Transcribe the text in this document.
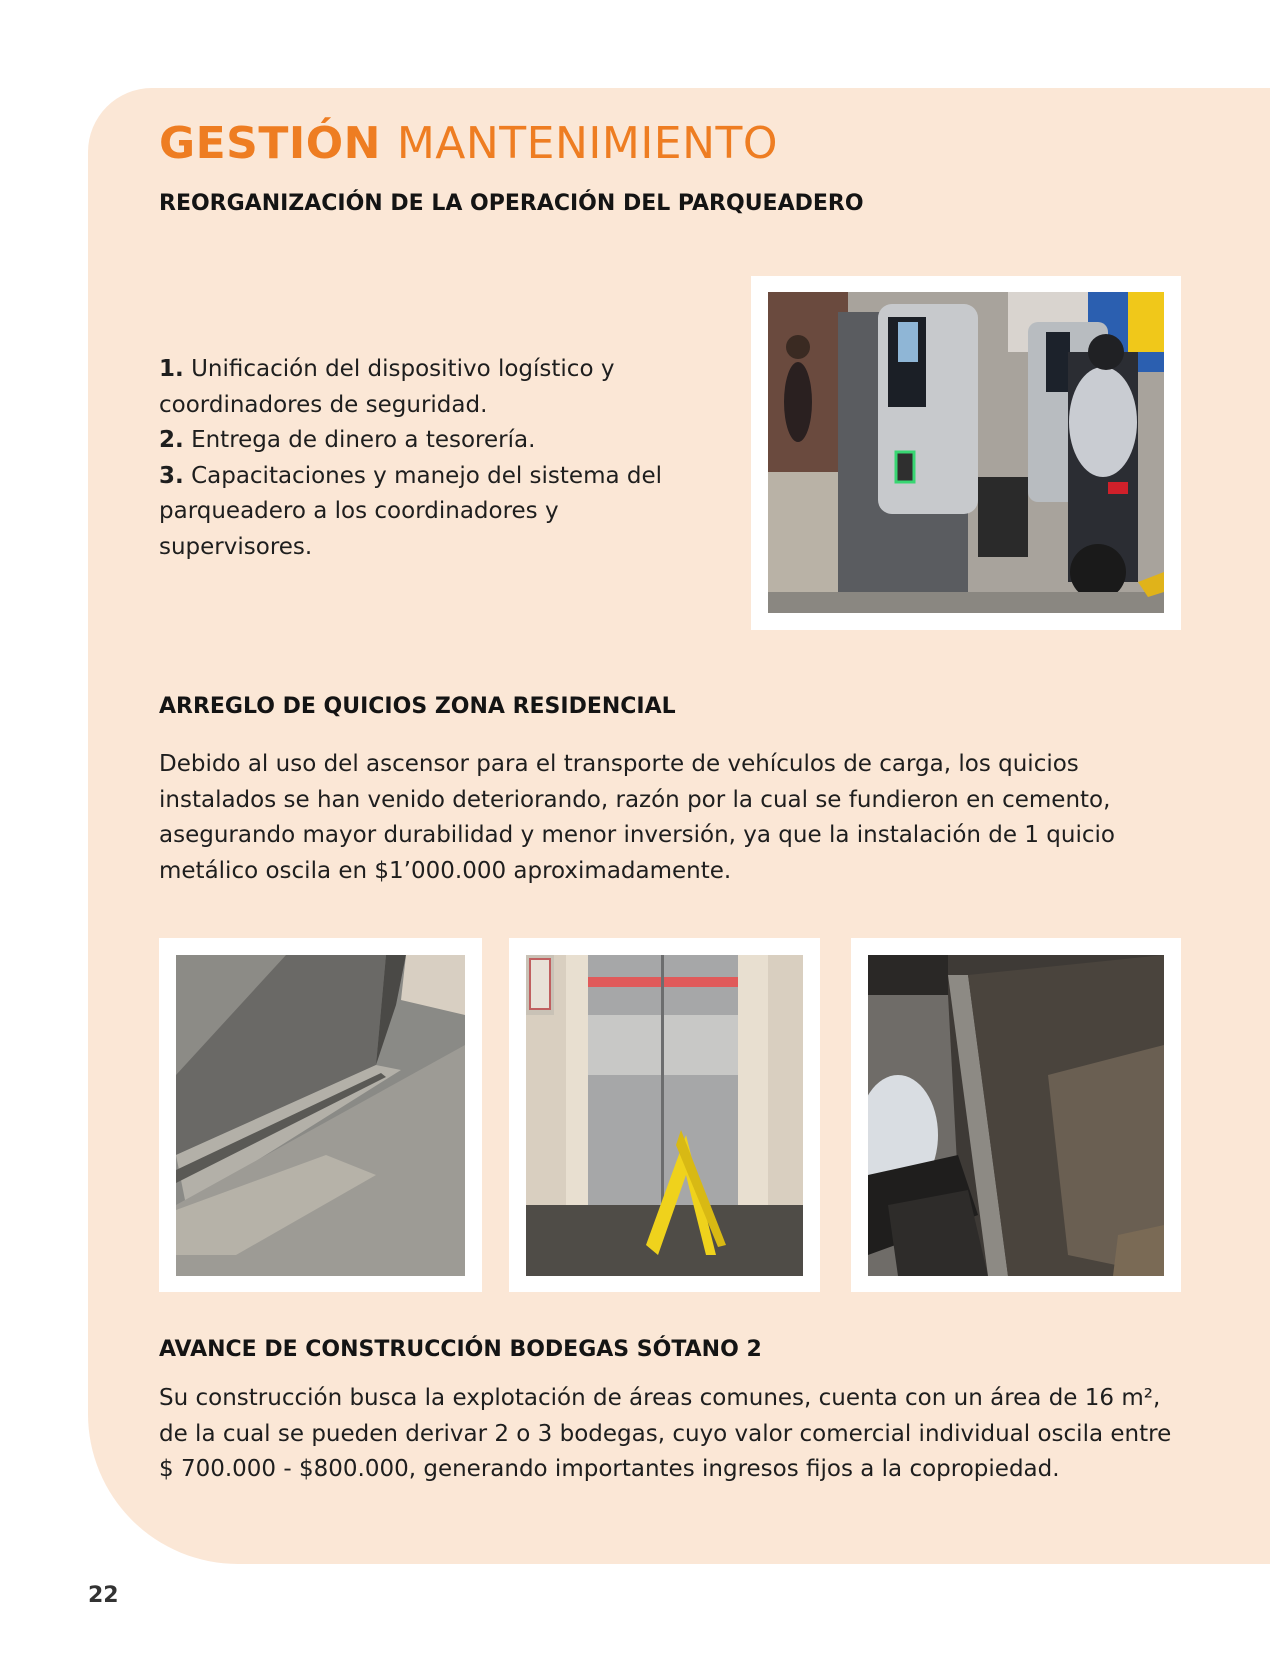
GESTIÓN MANTENIMIENTO
REORGANIZACIÓN DE LA OPERACIÓN DEL PARQUEADERO
1. Unificación del dispositivo logístico y coordinadores de seguridad.
2. Entrega de dinero a tesorería.
3. Capacitaciones y manejo del sistema del parqueadero a los coordinadores y supervisores.
ARREGLO DE QUICIOS ZONA RESIDENCIAL

Debido al uso del ascensor para el transporte de vehículos de carga, los quicios instalados se han venido deteriorando, razón por la cual se fundieron en cemento, asegurando mayor durabilidad y menor inversión, ya que la instalación de 1 quicio metálico oscila en $1’000.000 aproximadamente.

AVANCE DE CONSTRUCCIÓN BODEGAS SÓTANO 2

Su construcción busca la explotación de áreas comunes, cuenta con un área de 16 m², de la cual se pueden derivar 2 o 3 bodegas, cuyo valor comercial individual oscila entre $ 700.000 - $800.000, generando importantes ingresos fijos a la copropiedad.

22
